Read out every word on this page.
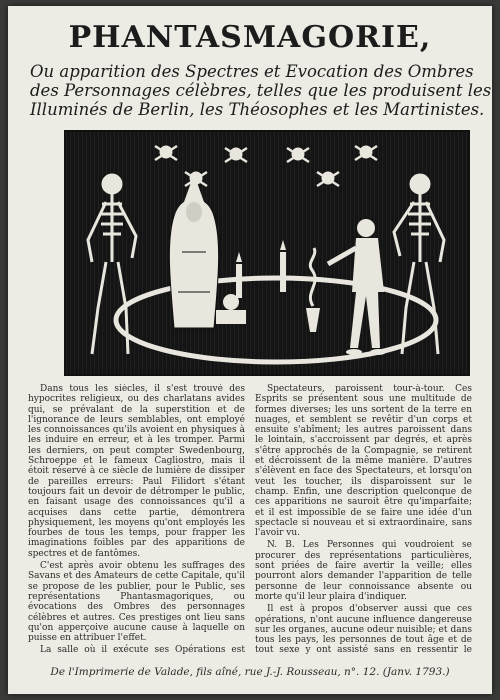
PHANTASMAGORIE,
Ou apparition des Spectres et Evocation des Ombres
des Personnages célèbres, telles que les produisent les
Illuminés de Berlin, les Théosophes et les Martinistes.

Dans tous les siècles, il s'est trouvé des hypocrites religieux, ou des charlatans avides qui, se prévalant de la superstition et de l'ignorance de leurs semblables, ont employé les connoissances qu'ils avoient en physiques à les induire en erreur, et à les tromper. Parmi les derniers, on peut compter Swedenbourg, Schroeppe et le fameux Cagliostro, mais il étoit réservé à ce siècle de lumière de dissiper de pareilles erreurs: Paul Filidort s'étant toujours fait un devoir de détromper le public, en faisant usage des connoissances qu'il a acquises dans cette partie, démontrera physiquement, les moyens qu'ont employés les fourbes de tous les temps, pour frapper les imaginations foibles par des apparitions de spectres et de fantômes.

C'est après avoir obtenu les suffrages des Savans et des Amateurs de cette Capitale, qu'il se propose de les publier, pour le Public, ses représentations Phantasmagoriques, ou évocations des Ombres des personnages célèbres et autres. Ces prestiges ont lieu sans qu'on apperçoive aucune cause à laquelle on puisse en attribuer l'effet.

La salle où il exécute ses Opérations est

Spectateurs, paroissent tour-à-tour. Ces Esprits se présentent sous une multitude de formes diverses; les uns sortent de la terre en nuages, et semblent se revêtir d'un corps et ensuite s'abîment; les autres paroissent dans le lointain, s'accroissent par degrés, et après s'être approchés de la Compagnie, se retirent et décroissent de la même manière. D'autres s'élèvent en face des Spectateurs, et lorsqu'on veut les toucher, ils disparoissent sur le champ. Enfin, une description quelconque de ces apparitions ne sauroit être qu'imparfaite; et il est impossible de se faire une idée d'un spectacle si nouveau et si extraordinaire, sans l'avoir vu.

N. B. Les Personnes qui voudroient se procurer des représentations particulières, sont priées de faire avertir la veille; elles pourront alors demander l'apparition de telle personne de leur connoissance absente ou morte qu'il leur plaira d'indiquer.

Il est à propos d'observer aussi que ces opérations, n'ont aucune influence dangereuse sur les organes, aucune odeur nuisible; et dans tous les pays, les personnes de tout âge et de tout sexe y ont assisté sans en ressentir le

De l'Imprimerie de Valade, fils aîné, rue J.-J. Rousseau, n°. 12. (Janv. 1793.)
